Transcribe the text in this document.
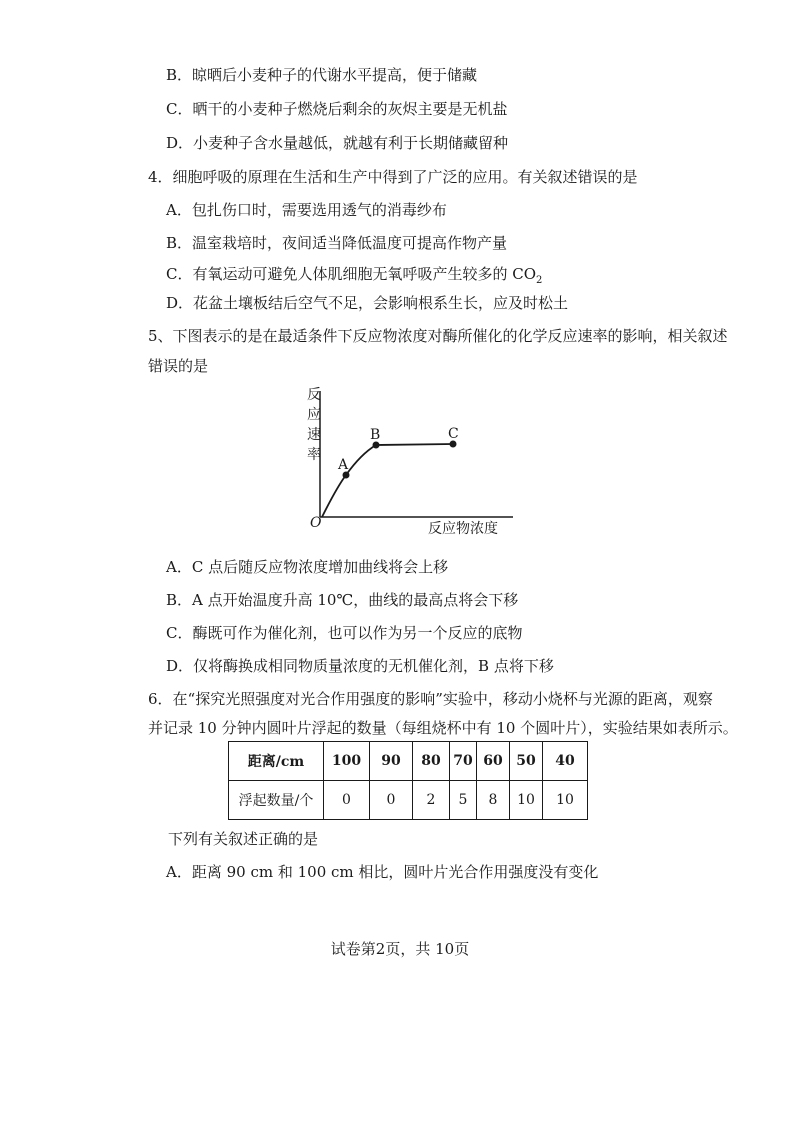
B．晾晒后小麦种子的代谢水平提高，便于储藏
C．晒干的小麦种子燃烧后剩余的灰烬主要是无机盐
D．小麦种子含水量越低，就越有利于长期储藏留种
4．细胞呼吸的原理在生活和生产中得到了广泛的应用。有关叙述错误的是
A．包扎伤口时，需要选用透气的消毒纱布
B．温室栽培时，夜间适当降低温度可提高作物产量
C．有氧运动可避免人体肌细胞无氧呼吸产生较多的 $CO_2$
D．花盆土壤板结后空气不足，会影响根系生长，应及时松土
5、下图表示的是在最适条件下反应物浓度对酶所催化的化学反应速率的影响，相关叙述
错误的是
反
应
速
率
O	反应物浓度
A
B	C
A．C 点后随反应物浓度增加曲线将会上移
B．A 点开始温度升高 10℃，曲线的最高点将会下移
C．酶既可作为催化剂，也可以作为另一个反应的底物
D．仅将酶换成相同物质量浓度的无机催化剂，B 点将下移
6．在“探究光照强度对光合作用强度的影响”实验中，移动小烧杯与光源的距离，观察
并记录 10 分钟内圆叶片浮起的数量（每组烧杯中有 10 个圆叶片），实验结果如表所示。
距离/cm	100	90	80	70	60	50	40
浮起数量/个	0	0	2	5	8	10	10
下列有关叙述正确的是
A．距离 90 cm 和 100 cm 相比，圆叶片光合作用强度没有变化
试卷第2页，共 10页
